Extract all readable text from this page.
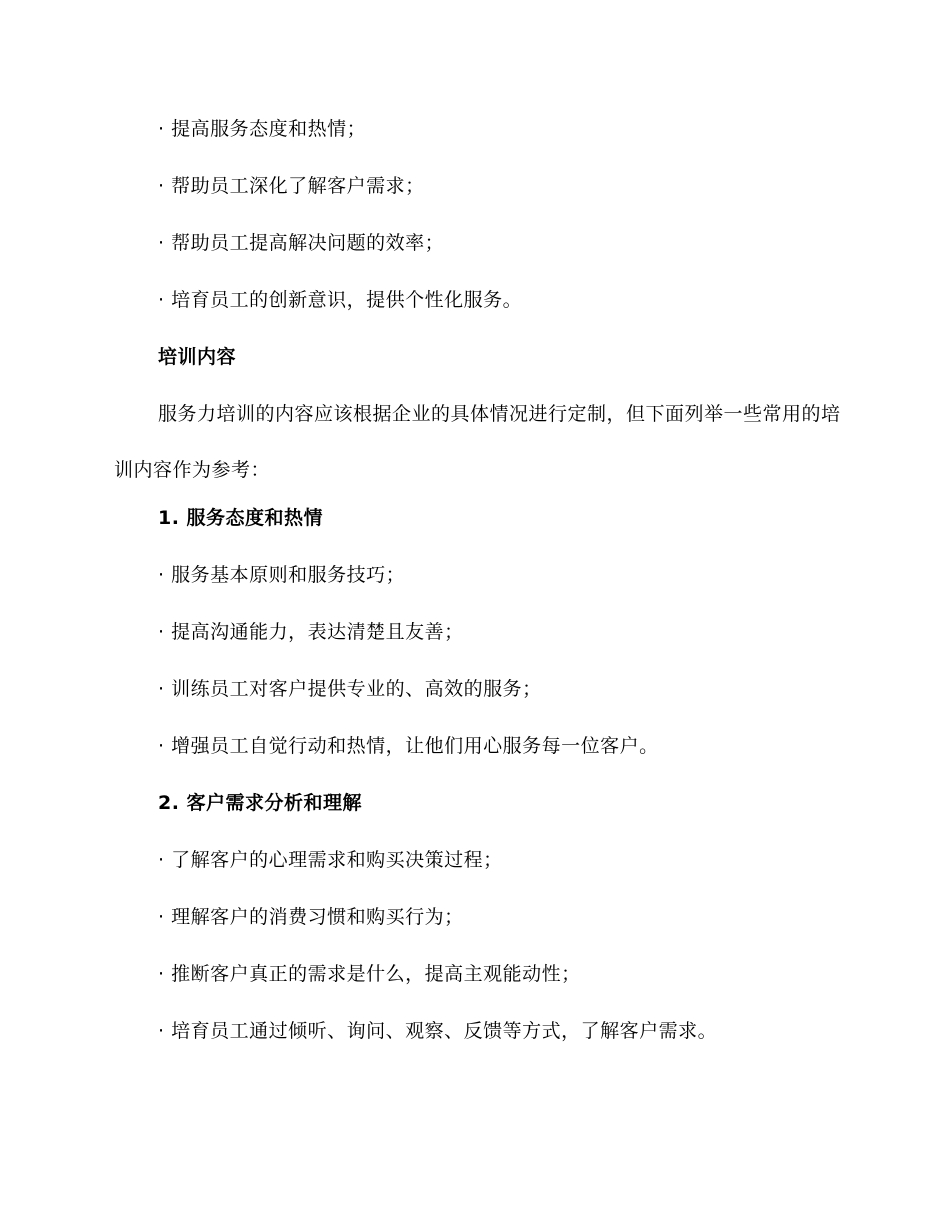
· 提高服务态度和热情；
· 帮助员工深化了解客户需求；
· 帮助员工提高解决问题的效率；
· 培育员工的创新意识，提供个性化服务。
培训内容
服务力培训的内容应该根据企业的具体情况进行定制，但下面列举一些常用的培训内容作为参考：
1. 服务态度和热情
· 服务基本原则和服务技巧；
· 提高沟通能力，表达清楚且友善；
· 训练员工对客户提供专业的、高效的服务；
· 增强员工自觉行动和热情，让他们用心服务每一位客户。
2. 客户需求分析和理解
· 了解客户的心理需求和购买决策过程；
· 理解客户的消费习惯和购买行为；
· 推断客户真正的需求是什么，提高主观能动性；
· 培育员工通过倾听、询问、观察、反馈等方式，了解客户需求。
